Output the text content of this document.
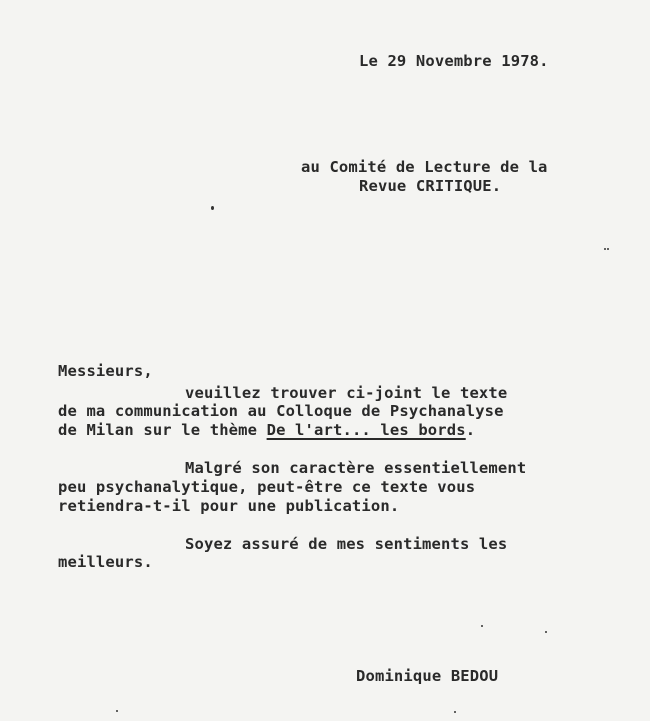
Le 29 Novembre 1978.
au Comité de Lecture de la
Revue CRITIQUE.
Messieurs,
veuillez trouver ci-joint le texte
de ma communication au Colloque de Psychanalyse
de Milan sur le thème De l'art... les bords.
Malgré son caractère essentiellement
peu psychanalytique, peut-être ce texte vous
retiendra-t-il pour une publication.
Soyez assuré de mes sentiments les
meilleurs.
Dominique BEDOU
